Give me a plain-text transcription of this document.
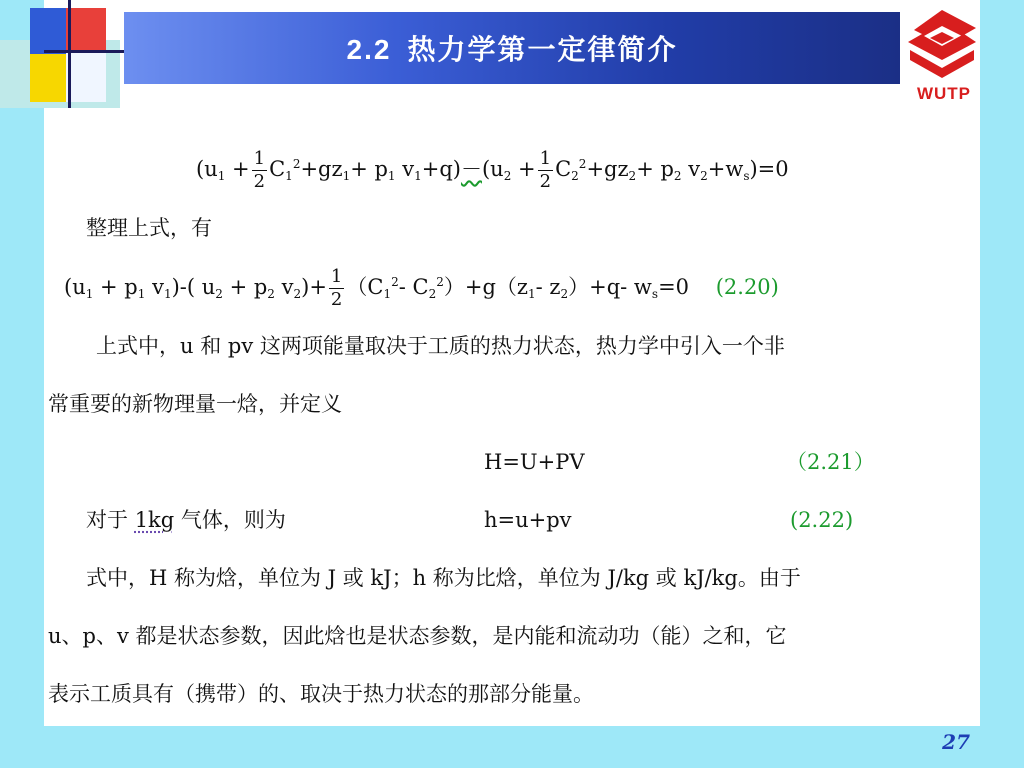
2.2 热力学第一定律简介
WUTP
($u_1 + \frac{1}{2} C_1^2+gz_1+ p_1$ $v_1+q)-(u_2 + \frac{1}{2} C_2^2+gz_2+ p_2$ $v_2+w_s)=0$
整理上式，有
($u_1 + p_1$ $v_1)-$( $u_2 + p_2$ $v_2)+ \frac{1}{2} (C_1^2-$ $C_2^2)+g(z_1-$ $z_2)+q-$ $w_s=0$ (2.20)
上式中，u 和 pv 这两项能量取决于工质的热力状态，热力学中引入一个非
常重要的新物理量一焓，并定义
H=U+PV	（2.21）
对于 1kg 气体，则为	h=u+pv	(2.22)
式中，H 称为焓，单位为 J 或 kJ；h 称为比焓，单位为 J/kg 或 kJ/kg。由于
u、p、v 都是状态参数，因此焓也是状态参数，是内能和流动功（能）之和，它
表示工质具有（携带）的、取决于热力状态的那部分能量。
27
